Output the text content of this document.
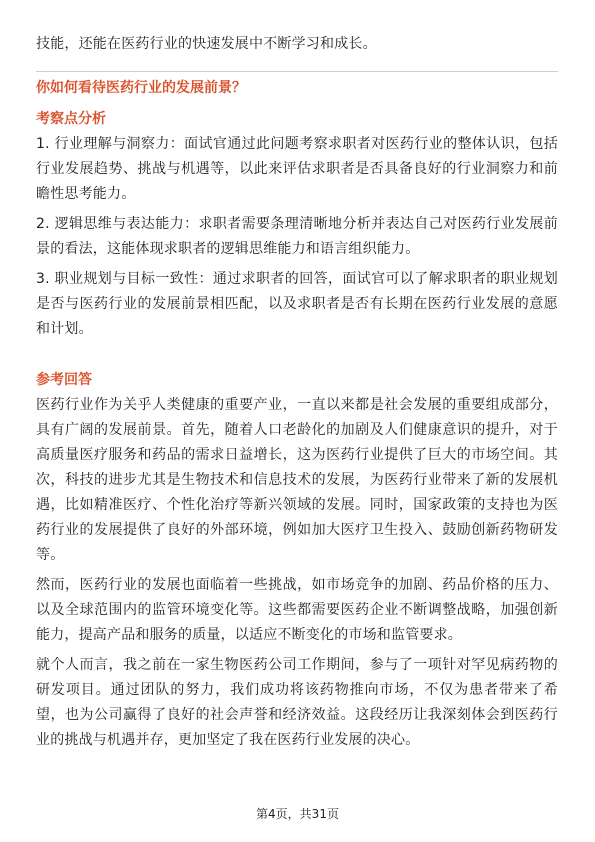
技能，还能在医药行业的快速发展中不断学习和成长。
你如何看待医药行业的发展前景？
考察点分析

1. 行业理解与洞察力：面试官通过此问题考察求职者对医药行业的整体认识，包括行业发展趋势、挑战与机遇等，以此来评估求职者是否具备良好的行业洞察力和前瞻性思考能力。

2. 逻辑思维与表达能力：求职者需要条理清晰地分析并表达自己对医药行业发展前景的看法，这能体现求职者的逻辑思维能力和语言组织能力。

3. 职业规划与目标一致性：通过求职者的回答，面试官可以了解求职者的职业规划是否与医药行业的发展前景相匹配，以及求职者是否有长期在医药行业发展的意愿和计划。

参考回答

医药行业作为关乎人类健康的重要产业，一直以来都是社会发展的重要组成部分，具有广阔的发展前景。首先，随着人口老龄化的加剧及人们健康意识的提升，对于高质量医疗服务和药品的需求日益增长，这为医药行业提供了巨大的市场空间。其次，科技的进步尤其是生物技术和信息技术的发展，为医药行业带来了新的发展机遇，比如精准医疗、个性化治疗等新兴领域的发展。同时，国家政策的支持也为医药行业的发展提供了良好的外部环境，例如加大医疗卫生投入、鼓励创新药物研发等。

然而，医药行业的发展也面临着一些挑战，如市场竞争的加剧、药品价格的压力、以及全球范围内的监管环境变化等。这些都需要医药企业不断调整战略，加强创新能力，提高产品和服务的质量，以适应不断变化的市场和监管要求。

就个人而言，我之前在一家生物医药公司工作期间，参与了一项针对罕见病药物的研发项目。通过团队的努力，我们成功将该药物推向市场，不仅为患者带来了希望，也为公司赢得了良好的社会声誉和经济效益。这段经历让我深刻体会到医药行业的挑战与机遇并存，更加坚定了我在医药行业发展的决心。

第4页，共31页
